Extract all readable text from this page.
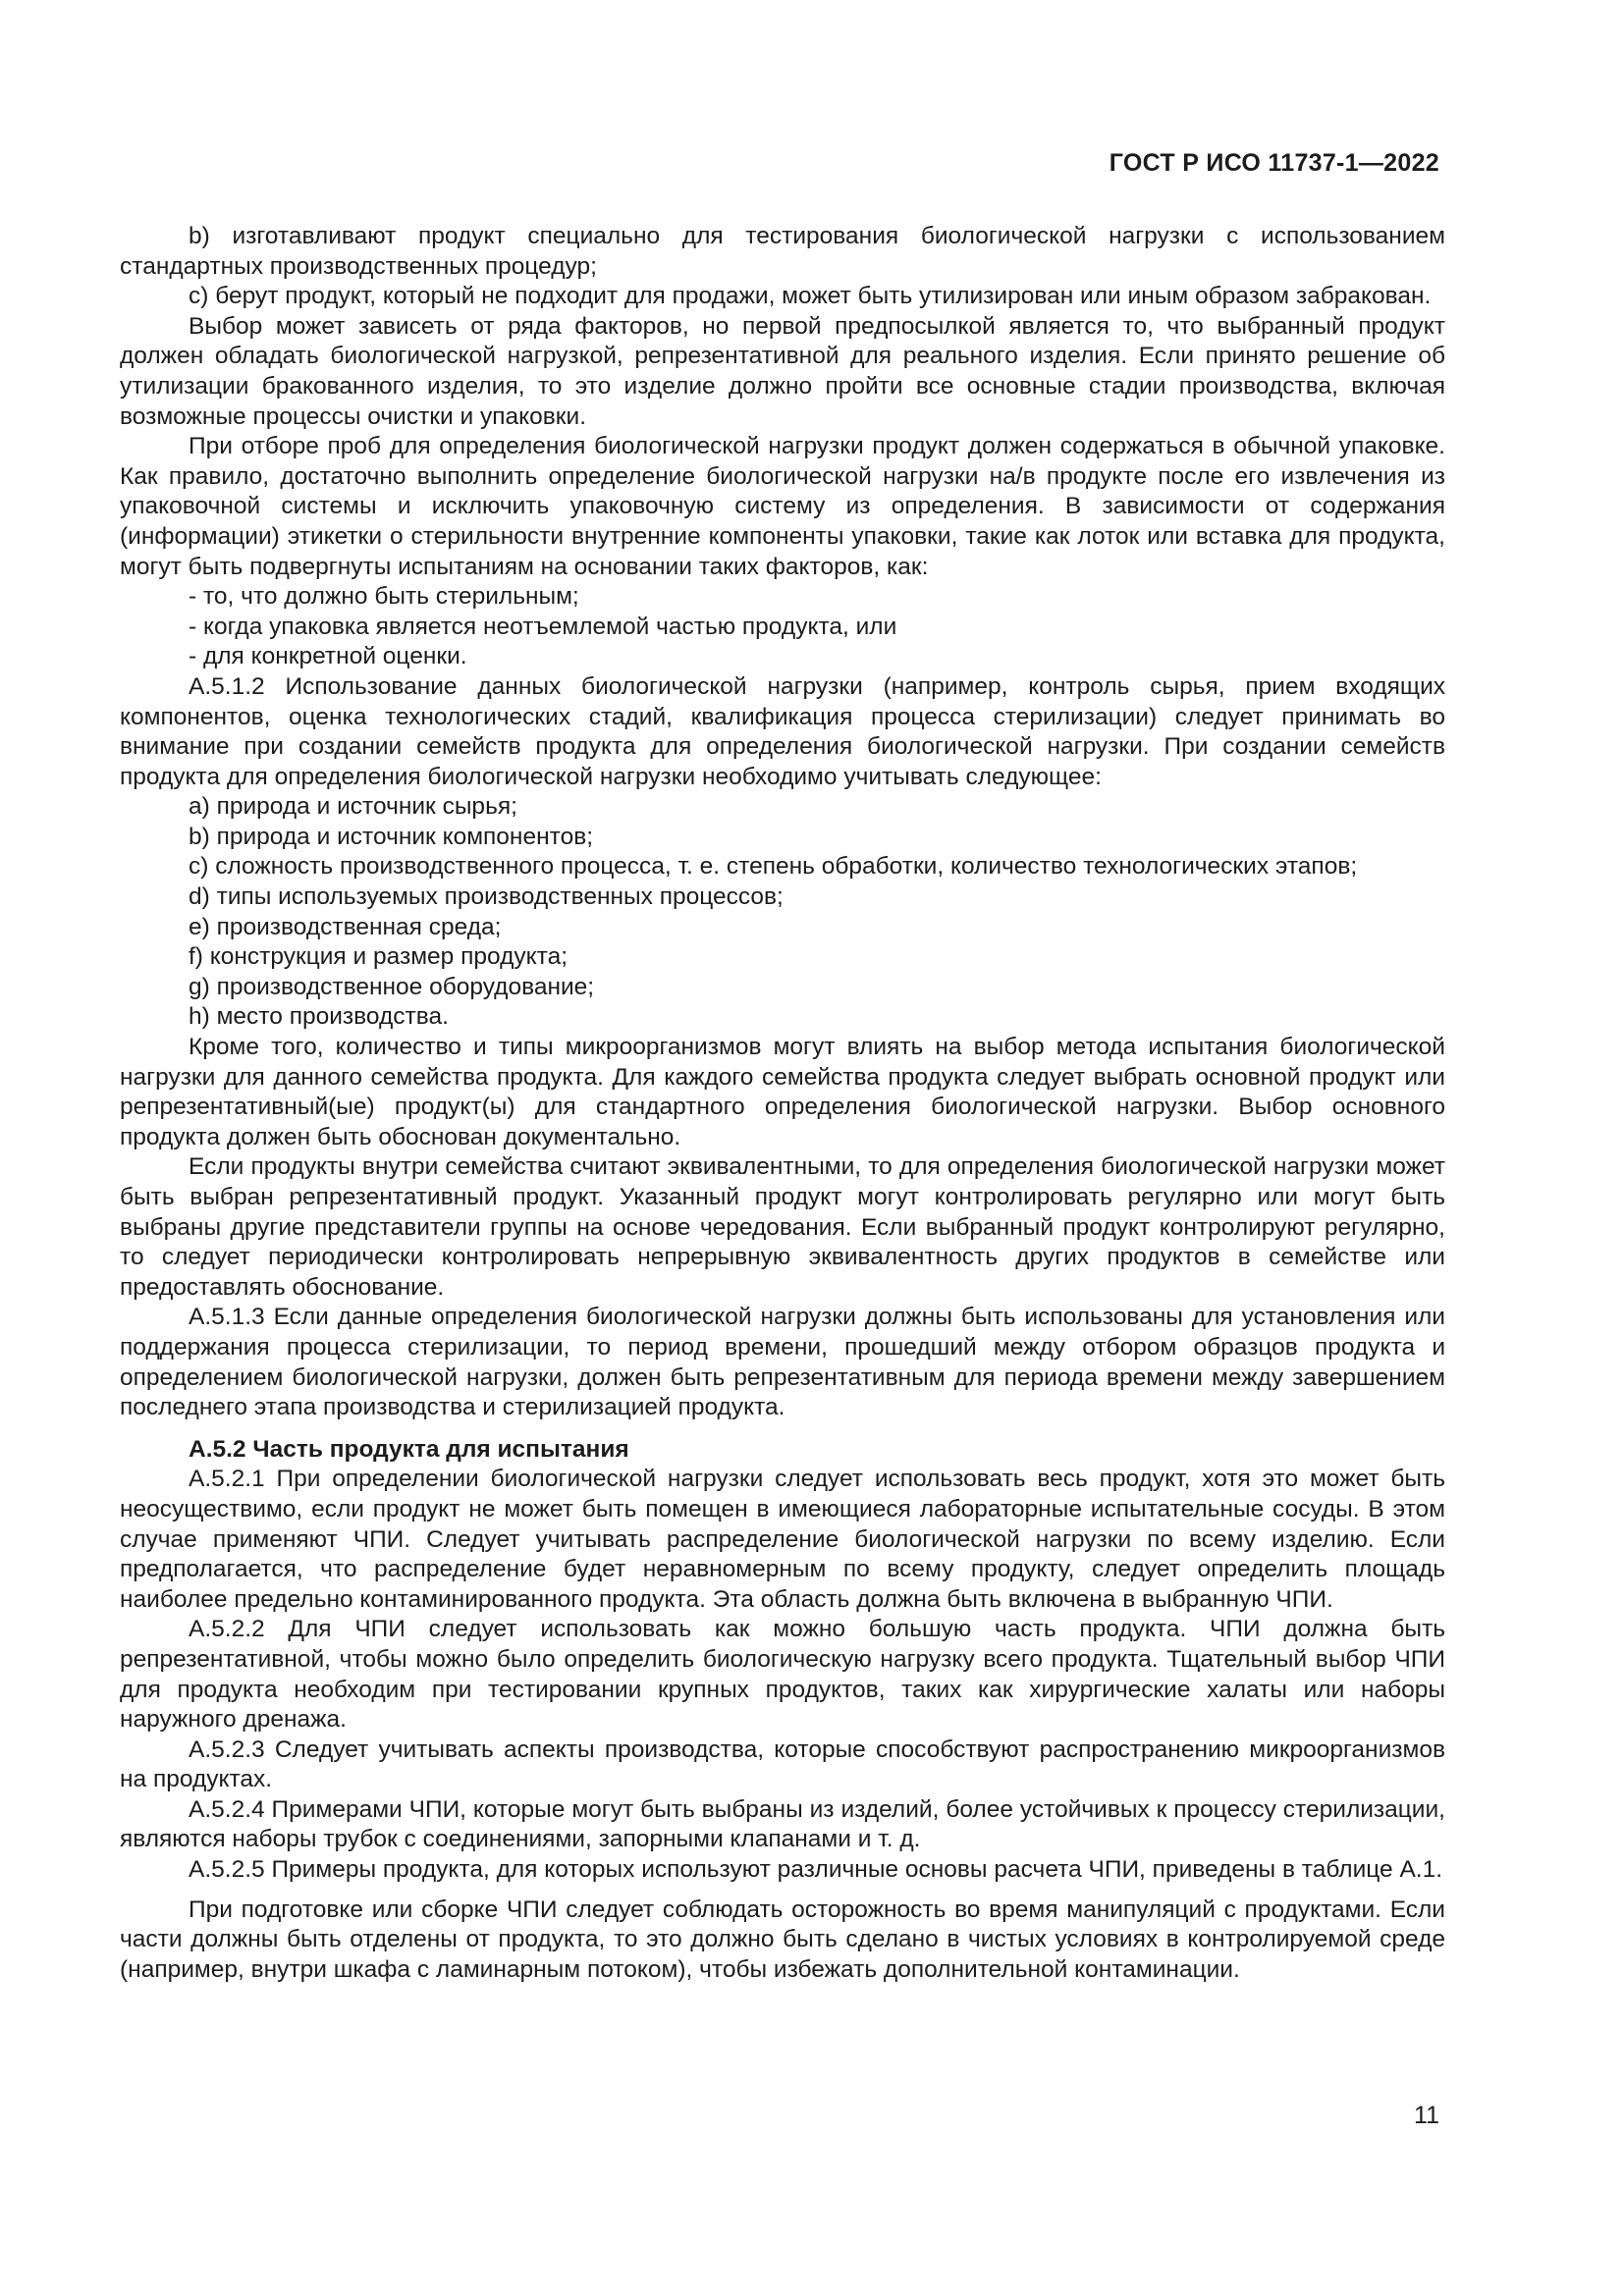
ГОСТ Р ИСО 11737-1—2022

b) изготавливают продукт специально для тестирования биологической нагрузки с использованием стандартных производственных процедур;

с) берут продукт, который не подходит для продажи, может быть утилизирован или иным образом забракован.

Выбор может зависеть от ряда факторов, но первой предпосылкой является то, что выбранный продукт должен обладать биологической нагрузкой, репрезентативной для реального изделия. Если принято решение об утилизации бракованного изделия, то это изделие должно пройти все основные стадии производства, включая возможные процессы очистки и упаковки.

При отборе проб для определения биологической нагрузки продукт должен содержаться в обычной упаковке. Как правило, достаточно выполнить определение биологической нагрузки на/в продукте после его извлечения из упаковочной системы и исключить упаковочную систему из определения. В зависимости от содержания (информации) этикетки о стерильности внутренние компоненты упаковки, такие как лоток или вставка для продукта, могут быть подвергнуты испытаниям на основании таких факторов, как:

- то, что должно быть стерильным;
- когда упаковка является неотъемлемой частью продукта, или
- для конкретной оценки.

А.5.1.2 Использование данных биологической нагрузки (например, контроль сырья, прием входящих компонентов, оценка технологических стадий, квалификация процесса стерилизации) следует принимать во внимание при создании семейств продукта для определения биологической нагрузки. При создании семейств продукта для определения биологической нагрузки необходимо учитывать следующее:

a) природа и источник сырья;
b) природа и источник компонентов;
с) сложность производственного процесса, т. е. степень обработки, количество технологических этапов;
d) типы используемых производственных процессов;
e) производственная среда;
f) конструкция и размер продукта;
g) производственное оборудование;
h) место производства.

Кроме того, количество и типы микроорганизмов могут влиять на выбор метода испытания биологической нагрузки для данного семейства продукта. Для каждого семейства продукта следует выбрать основной продукт или репрезентативный(ые) продукт(ы) для стандартного определения биологической нагрузки. Выбор основного продукта должен быть обоснован документально.

Если продукты внутри семейства считают эквивалентными, то для определения биологической нагрузки может быть выбран репрезентативный продукт. Указанный продукт могут контролировать регулярно или могут быть выбраны другие представители группы на основе чередования. Если выбранный продукт контролируют регулярно, то следует периодически контролировать непрерывную эквивалентность других продуктов в семействе или предоставлять обоснование.

А.5.1.3 Если данные определения биологической нагрузки должны быть использованы для установления или поддержания процесса стерилизации, то период времени, прошедший между отбором образцов продукта и определением биологической нагрузки, должен быть репрезентативным для периода времени между завершением последнего этапа производства и стерилизацией продукта.

А.5.2 Часть продукта для испытания

А.5.2.1 При определении биологической нагрузки следует использовать весь продукт, хотя это может быть неосуществимо, если продукт не может быть помещен в имеющиеся лабораторные испытательные сосуды. В этом случае применяют ЧПИ. Следует учитывать распределение биологической нагрузки по всему изделию. Если предполагается, что распределение будет неравномерным по всему продукту, следует определить площадь наиболее предельно контаминированного продукта. Эта область должна быть включена в выбранную ЧПИ.

А.5.2.2 Для ЧПИ следует использовать как можно большую часть продукта. ЧПИ должна быть репрезентативной, чтобы можно было определить биологическую нагрузку всего продукта. Тщательный выбор ЧПИ для продукта необходим при тестировании крупных продуктов, таких как хирургические халаты или наборы наружного дренажа.

А.5.2.3 Следует учитывать аспекты производства, которые способствуют распространению микроорганизмов на продуктах.

А.5.2.4 Примерами ЧПИ, которые могут быть выбраны из изделий, более устойчивых к процессу стерилизации, являются наборы трубок с соединениями, запорными клапанами и т. д.

А.5.2.5 Примеры продукта, для которых используют различные основы расчета ЧПИ, приведены в таблице А.1.

При подготовке или сборке ЧПИ следует соблюдать осторожность во время манипуляций с продуктами. Если части должны быть отделены от продукта, то это должно быть сделано в чистых условиях в контролируемой среде (например, внутри шкафа с ламинарным потоком), чтобы избежать дополнительной контаминации.

11
